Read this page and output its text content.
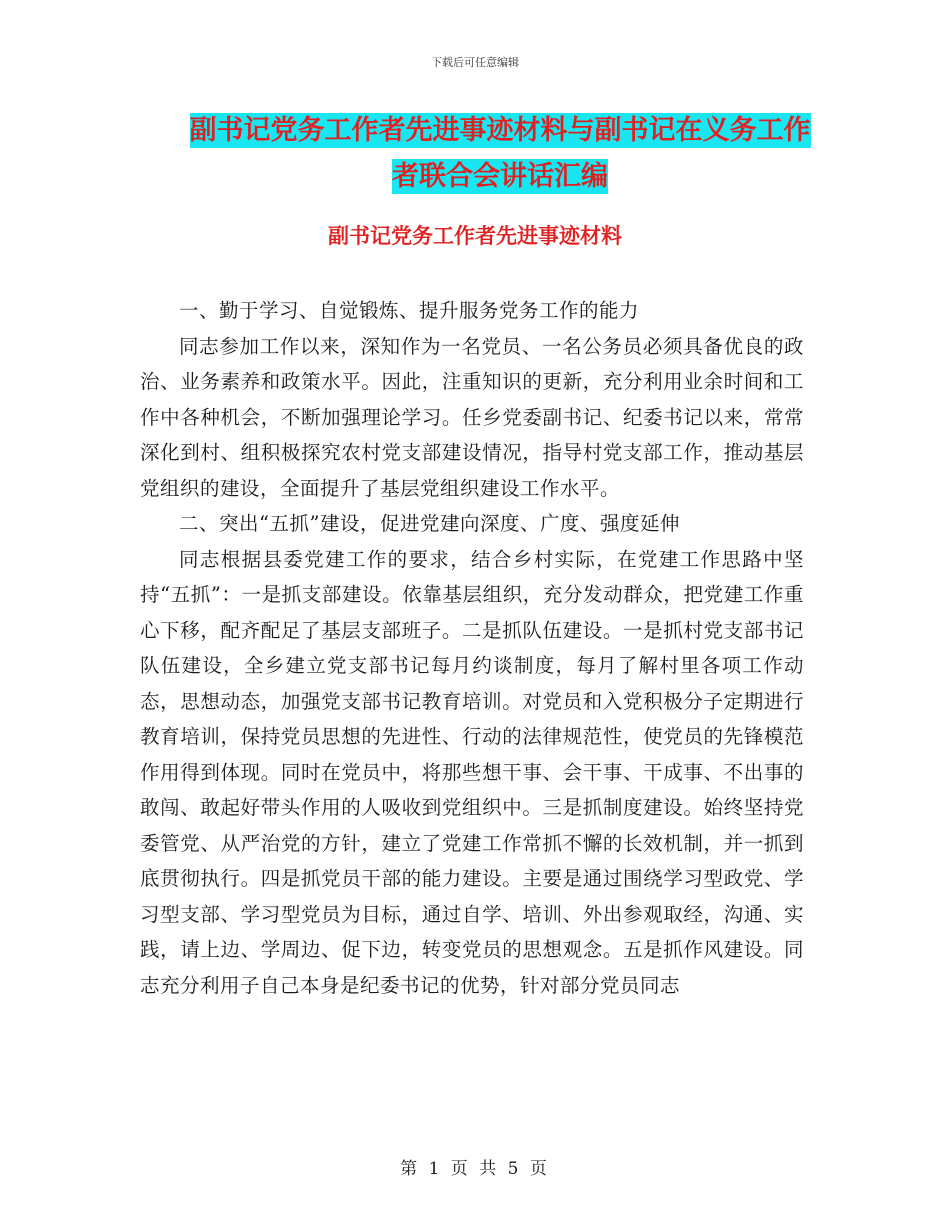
下载后可任意编辑
副书记党务工作者先进事迹材料与副书记在义务工作
者联合会讲话汇编
副书记党务工作者先进事迹材料

一、勤于学习、自觉锻炼、提升服务党务工作的能力

同志参加工作以来，深知作为一名党员、一名公务员必须具备优良的政治、业务素养和政策水平。因此，注重知识的更新，充分利用业余时间和工作中各种机会，不断加强理论学习。任乡党委副书记、纪委书记以来，常常深化到村、组积极探究农村党支部建设情况，指导村党支部工作，推动基层党组织的建设，全面提升了基层党组织建设工作水平。

二、突出“五抓”建设，促进党建向深度、广度、强度延伸

同志根据县委党建工作的要求，结合乡村实际，在党建工作思路中坚持“五抓”：一是抓支部建设。依靠基层组织，充分发动群众，把党建工作重心下移，配齐配足了基层支部班子。二是抓队伍建设。一是抓村党支部书记队伍建设，全乡建立党支部书记每月约谈制度，每月了解村里各项工作动态，思想动态，加强党支部书记教育培训。对党员和入党积极分子定期进行教育培训，保持党员思想的先进性、行动的法律规范性，使党员的先锋模范作用得到体现。同时在党员中，将那些想干事、会干事、干成事、不出事的敢闯、敢起好带头作用的人吸收到党组织中。三是抓制度建设。始终坚持党委管党、从严治党的方针，建立了党建工作常抓不懈的长效机制，并一抓到底贯彻执行。四是抓党员干部的能力建设。主要是通过围绕学习型政党、学习型支部、学习型党员为目标，通过自学、培训、外出参观取经，沟通、实践，请上边、学周边、促下边，转变党员的思想观念。五是抓作风建设。同志充分利用子自己本身是纪委书记的优势，针对部分党员同志

第 1 页 共 5 页
